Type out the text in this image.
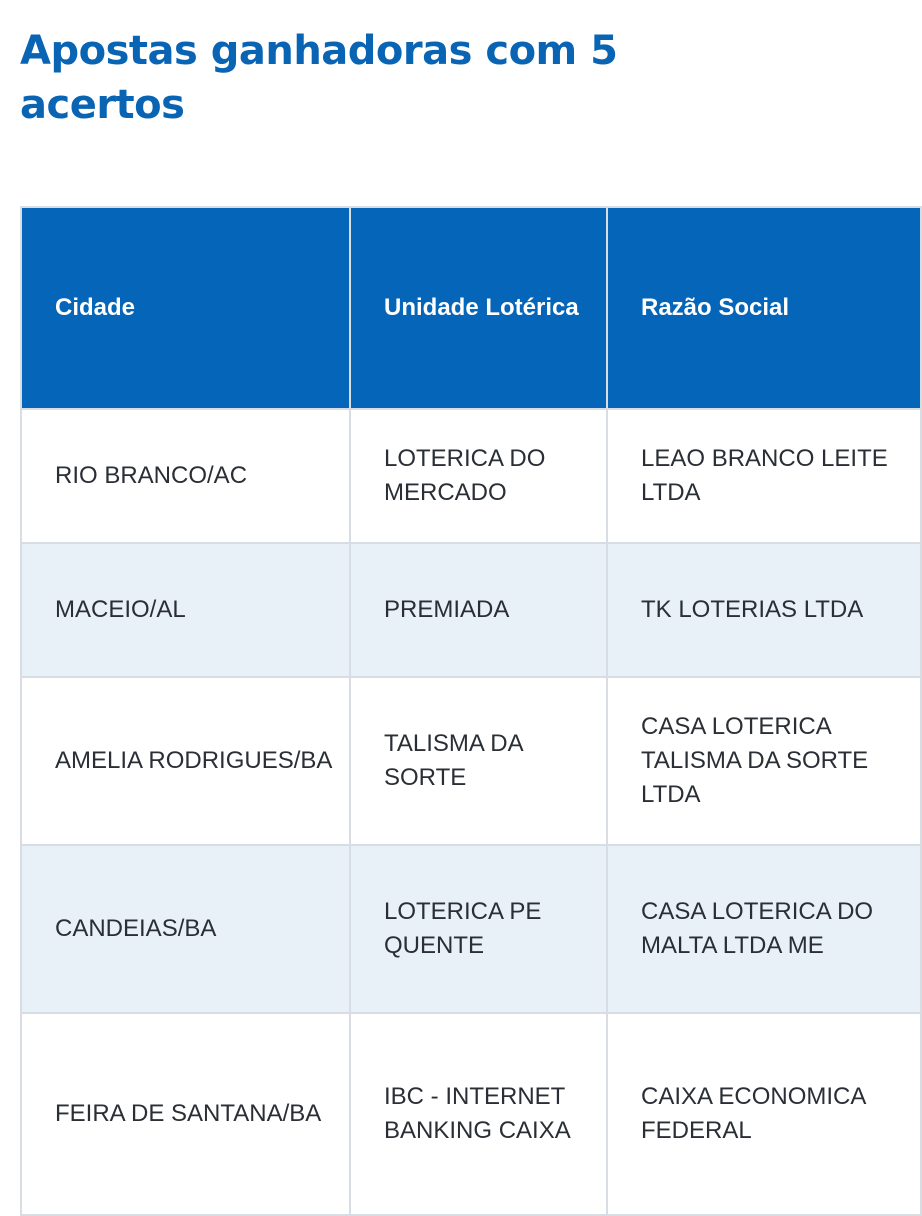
Apostas ganhadoras com 5 acertos
Cidade	Unidade Lotérica	Razão Social

RIO BRANCO/AC	LOTERICA DO MERCADO	LEAO BRANCO LEITE LTDA

MACEIO/AL	PREMIADA	TK LOTERIAS LTDA

AMELIA RODRIGUES/BA	TALISMA DA SORTE	CASA LOTERICA TALISMA DA SORTE LTDA

CANDEIAS/BA	LOTERICA PE QUENTE	CASA LOTERICA DO MALTA LTDA ME

FEIRA DE SANTANA/BA	IBC - INTERNET BANKING CAIXA	CAIXA ECONOMICA FEDERAL
